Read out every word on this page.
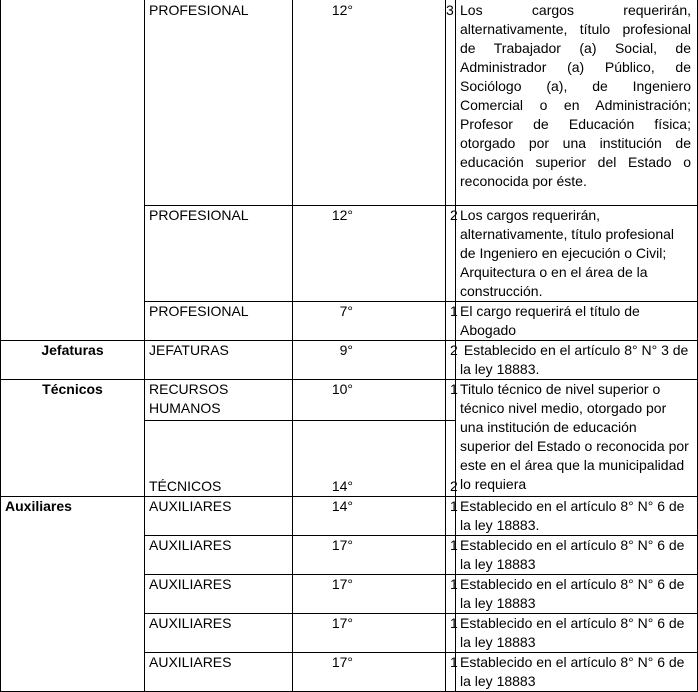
	PROFESIONAL	12°	3	Los cargos requerirán, alternativamente, título profesional de Trabajador (a) Social, de Administrador (a) Público, de Sociólogo (a), de Ingeniero Comercial o en Administración; Profesor de Educación física; otorgado por una institución de educación superior del Estado o reconocida por éste.
	PROFESIONAL	12°	2	Los cargos requerirán, alternativamente, título profesional de Ingeniero en ejecución o Civil; Arquitectura o en el área de la construcción.
	PROFESIONAL	7°	1	El cargo requerirá el título de Abogado
Jefaturas	JEFATURAS	9°	2	Establecido en el artículo 8° N° 3 de la ley 18883.
Técnicos	RECURSOS HUMANOS	10°	1	Titulo técnico de nivel superior o técnico nivel medio, otorgado por una institución de educación superior del Estado o reconocida por este en el área que la municipalidad lo requiera
	TÉCNICOS	14°	2	
Auxiliares	AUXILIARES	14°	1	Establecido en el artículo 8° N° 6 de la ley 18883.
	AUXILIARES	17°	1	Establecido en el artículo 8° N° 6 de la ley 18883
	AUXILIARES	17°	1	Establecido en el artículo 8° N° 6 de la ley 18883
	AUXILIARES	17°	1	Establecido en el artículo 8° N° 6 de la ley 18883
	AUXILIARES	17°	1	Establecido en el artículo 8° N° 6 de la ley 18883
